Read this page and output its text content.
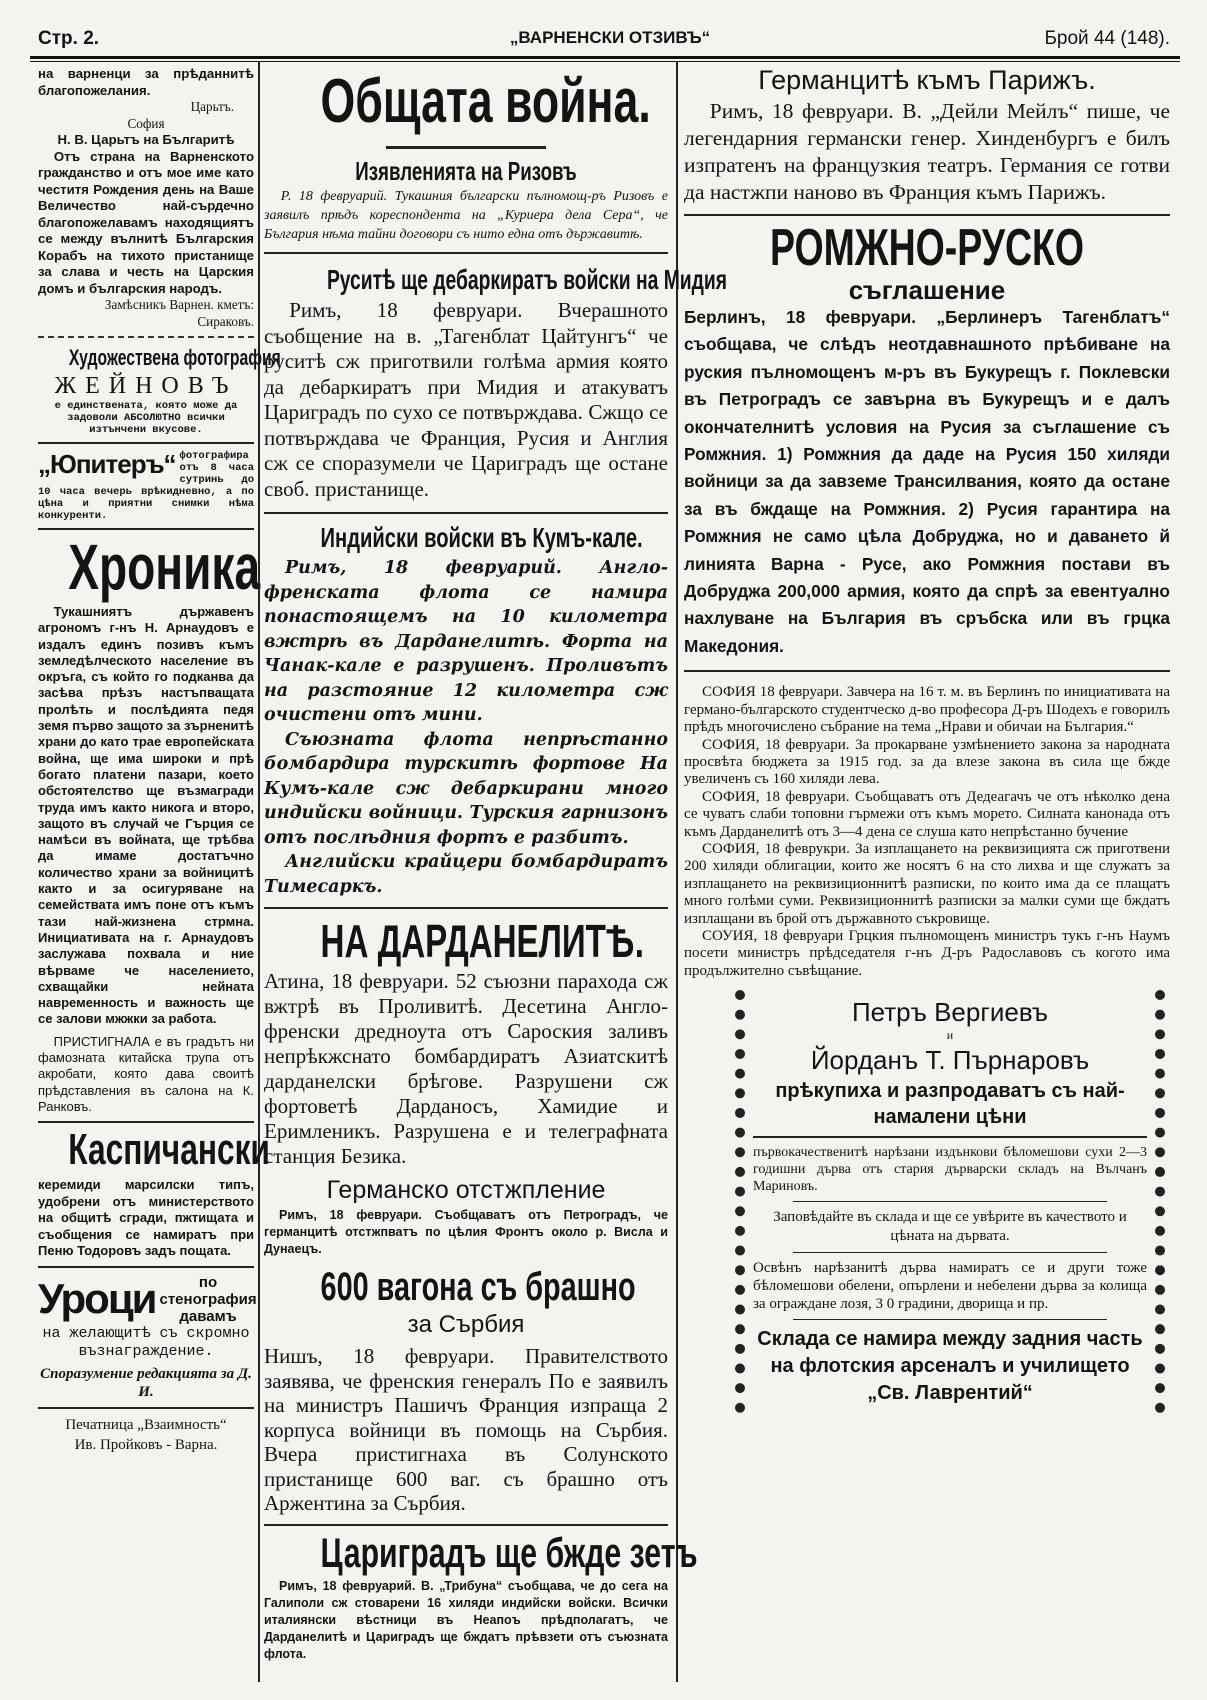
Стр. 2.	„ВАРНЕНСКИ ОТЗИВЪ“	Брой 44 (148).

на варненци за прѣданнитѣ благопожелания.

Царьтъ.

София

Н. В. Царьтъ на Българитѣ

Отъ страна на Варненското гражданство и отъ мое име като честитя Рождения день на Ваше Величество най-сърдечно благопожелавамъ находящиятъ се между вълнитѣ Българския Корабъ на тихото пристанище за слава и честь на Царския домъ и българския народъ.

Замѣсникъ Варнен. кметъ:

Сираковъ.

Художествена фотография

ЖЕЙНОВЪ

е единствената, която може да задоволи АБСОЛЮТНО всички изтънчени вкусове.

„Юпитеръ“ фотографира отъ 8 часа сутринь до 10 часа вечерь врѣкидневно, а по цѣна и приятни снимки нѣма конкуренти.

Хроника

Тукашниятъ държавенъ агрономъ г-нъ Н. Арнаудовъ е издалъ единъ позивъ къмъ земледѣлческото население въ окръга, съ който го подканва да засѣва прѣзъ настъпващата пролѣть и послѣдията педя земя първо защото за зърненитѣ храни до като трае европейската война, ще има широки и прѣ богато платени пазари, което обстоятелство ще възмагради труда имъ както никога и второ, защото въ случай че Гърция се намѣси въ войната, ще трѣбва да имаме достатъчно количество храни за войницитѣ както и за осигуряване на семействата имъ поне отъ къмъ тази най-жизнена стрмна. Инициативата на г. Арнаудовъ заслужава похвала и ние вѣрваме че населението, схващайки нейната навременность и важность ще се залови мжжки за работа.

ПРИСТИГНАЛА е въ градътъ ни фамозната китайска трупа отъ акробати, която дава своитѣ прѣдставления въ салона на К. Ранковъ.

Каспичански

керемиди марсилски типъ, удобрени отъ министерството на общитѣ сгради, пжтищата и съобщения се намиратъ при Пеню Тодоровъ задъ пощата.

Уроци	по стенография давамъ

на желающитѣ съ скромно възнаграждение.

Споразумение редакцията за Д. И.

Печатница „Взаимность“

Ив. Пройковъ - Варна.

Общата война.
Изявленията на Ризовъ

Р. 18 февруарий. Тукашния български пълномощ-ръ Ризовъ е заявилъ прѣдъ кореспондента на „Куриера дела Сера“, че България нѣма тайни договори съ нито една отъ държавитѣ.

Руситѣ ще дебаркиратъ войски на Мидия

Римъ, 18 февруари. Вчерашното съобщение на в. „Тагенблат Цайтунгъ“ че руситѣ сж приготвили голѣма армия която да дебаркиратъ при Мидия и атакуватъ Цариградъ по сухо се потвърждава. Сжщо се потвърждава че Франция, Русия и Англия сж се споразумели че Цариградъ ще остане своб. пристанище.

Индийски войски въ Кумъ-кале.

Римъ, 18 февруарий. Англо-френската флота се намира понастоящемъ на 10 километра вжтрѣ въ Дарданелитѣ. Форта на Чанак-кале е разрушенъ. Проливътъ на разстояние 12 километра сж очистени отъ мини.

Съюзната флота непрѣстанно бомбардира турскитѣ фортове На Кумъ-кале сж дебаркирани много индийски войници. Турския гарнизонъ отъ послѣдния фортъ е разбитъ.

Английски крайцери бомбардиратъ Тимесаркъ.

НА ДАРДАНЕЛИТѢ.

Атина, 18 февруари. 52 съюзни парахода сж вжтрѣ въ Проливитѣ. Десетина Англо-френски дредноута отъ Сароския заливъ непрѣкжснато бомбардиратъ Азиатскитѣ дарданелски брѣгове. Разрушени сж фортоветѣ Дарданосъ, Хамидие и Еримленикъ. Разрушена е и телеграфната станция Безика.

Германско отстжпление

Римъ, 18 февруари. Съобщаватъ отъ Петроградъ, че германцитѣ отстжпватъ по цѣлия Фронтъ около р. Висла и Дунаецъ.

600 вагона съ брашно

за Сърбия

Нишъ, 18 февруари. Правителството заявява, че френския генералъ По е заявилъ на министръ Пашичъ Франция изпраща 2 корпуса войници въ помощь на Сърбия. Вчера пристигнаха въ Солунското пристанище 600 ваг. съ брашно отъ Аржентина за Сърбия.

Цариградъ ще бжде зетъ

Римъ, 18 февруарий. В. „Трибуна“ съобщава, че до сега на Галиполи сж стоварени 16 хиляди индийски войски. Всички италиянски вѣстници въ Неапоъ прѣдполагатъ, че Дарданелитѣ и Цариградъ ще бждатъ прѣвзети отъ съюзната флота.

Германцитѣ къмъ Парижъ.

Римъ, 18 февруари. В. „Дейли Мейлъ“ пише, че легендарния германски генер. Хинденбургъ е билъ изпратенъ на французкия театръ. Германия се готви да настжпи наново въ Франция къмъ Парижъ.

РОМЖНО-РУСКО

съглашение

Берлинъ, 18 февруари. „Берлинеръ Тагенблатъ“ съобщава, че слѣдъ неотдавнашното прѣбиване на руския пълномощенъ м-ръ въ Букурещъ г. Поклевски въ Петроградъ се завърна въ Букурещъ и е далъ окончателнитѣ условия на Русия за съглашение съ Ромжния. 1) Ромжния да даде на Русия 150 хиляди войници за да завземе Трансилвания, която да остане за въ бждаще на Ромжния. 2) Русия гарантира на Ромжния не само цѣла Добруджа, но и даването й линията Варна - Русе, ако Ромжния постави въ Добруджа 200,000 армия, която да спрѣ за евентуално нахлуване на България въ сръбска или въ грцка Македония.

СОФИЯ 18 февруари. Завчера на 16 т. м. въ Берлинъ по инициативата на германо-българското студентческо д-во професора Д-ръ Шодехъ е говорилъ прѣдъ многочислено събрание на тема „Нрави и обичаи на България.“

СОФИЯ, 18 февруари. За прокарване узмѣнението закона за народната просвѣта бюджета за 1915 год. за да влезе закона въ сила ще бжде увеличенъ съ 160 хиляди лева.

СОФИЯ, 18 февруари. Съобщаватъ отъ Дедеагачъ че отъ нѣколко дена се чуватъ слаби топовни гърмежи отъ къмъ морето. Силната канонада отъ къмъ Дарданелитѣ отъ 3—4 дена се слуша като непрѣстанно бучение

СОФИЯ, 18 феврукри. За изплащането на реквизицията сж приготвени 200 хиляди облигации, които же носятъ 6 на сто лихва и ще служатъ за изплащането на реквизиционнитѣ разписки, по които има да се плащатъ много голѣми суми. Реквизиционнитѣ разписки за малки суми ще бждатъ изплащани въ брой отъ държавното съкровище.

СОУИЯ, 18 февруари Грцкия пълномощенъ министръ тукъ г-нъ Наумъ посети министръ прѣдседателя г-нъ Д-ръ Радославовъ съ когото има продължително съвѣщание.

Петръ Вергиевъ

и

Йорданъ Т. Пърнаровъ

прѣкупиха и разпродаватъ съ най-намалени цѣни

първокачественитѣ нарѣзани издънкови бѣломешови сухи 2—3 годишни дърва отъ стария дърварски складъ на Вълчанъ Мариновъ.

Заповѣдайте въ склада и ще се увѣрите въ качеството и цѣната на дървата.

Освѣнъ нарѣзанитѣ дърва намиратъ се и други тоже бѣломешови обелени, опърлени и небелени дърва за колища за ограждане лозя, 3 0 градини, дворища и пр.

Складa се намира между задния часть на флотския арсеналъ и училището „Св. Лаврентий“
